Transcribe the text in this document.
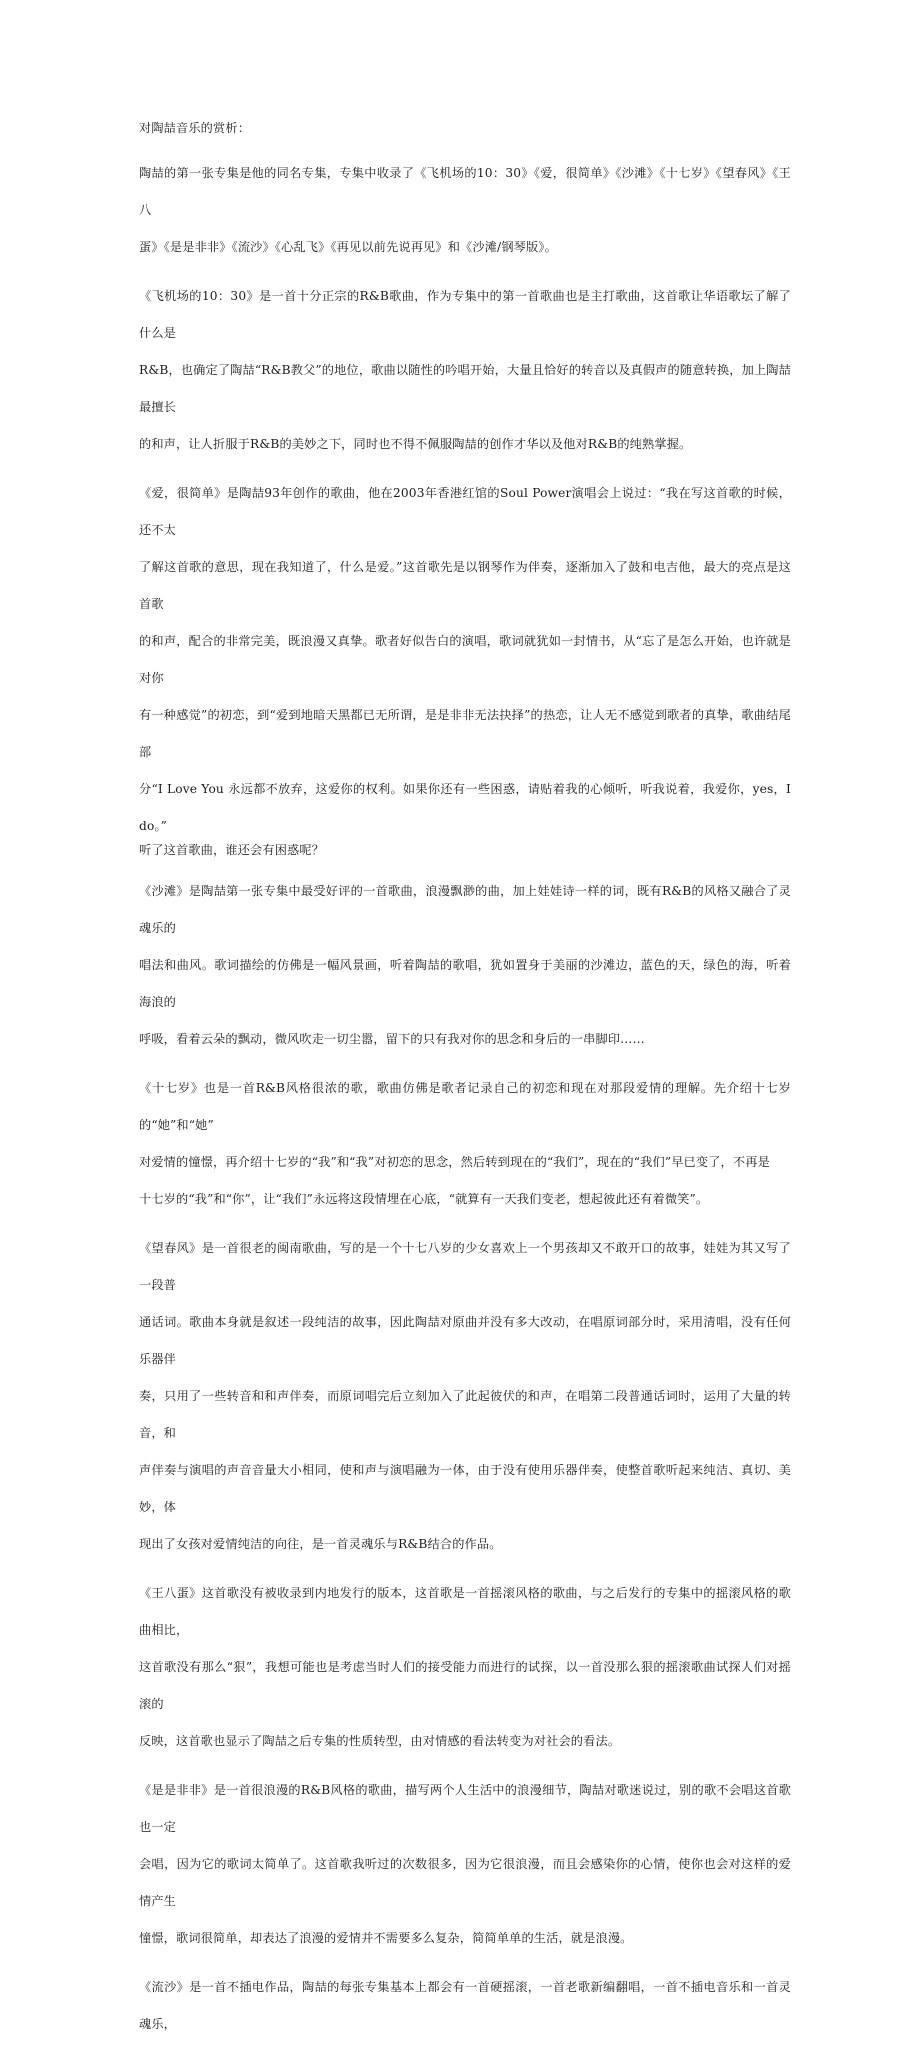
对陶喆音乐的赏析：

陶喆的第一张专集是他的同名专集，专集中收录了《飞机场的10：30》《爱，很简单》《沙滩》《十七岁》《望春风》《王八
蛋》《是是非非》《流沙》《心乱飞》《再见以前先说再见》和《沙滩/钢琴版》。

《飞机场的10：30》是一首十分正宗的R&B歌曲，作为专集中的第一首歌曲也是主打歌曲，这首歌让华语歌坛了解了什么是
R&B，也确定了陶喆“R&B教父”的地位，歌曲以随性的吟唱开始，大量且恰好的转音以及真假声的随意转换，加上陶喆最擅长
的和声，让人折服于R&B的美妙之下，同时也不得不佩服陶喆的创作才华以及他对R&B的纯熟掌握。

《爱，很简单》是陶喆93年创作的歌曲，他在2003年香港红馆的Soul Power演唱会上说过：“我在写这首歌的时候，还不太
了解这首歌的意思，现在我知道了，什么是爱。”这首歌先是以钢琴作为伴奏，逐渐加入了鼓和电吉他，最大的亮点是这首歌
的和声，配合的非常完美，既浪漫又真挚。歌者好似告白的演唱，歌词就犹如一封情书，从“忘了是怎么开始，也许就是对你
有一种感觉”的初恋，到“爱到地暗天黑都已无所谓，是是非非无法抉择”的热恋，让人无不感觉到歌者的真挚，歌曲结尾部
分“I Love You 永远都不放弃，这爱你的权利。如果你还有一些困惑，请贴着我的心倾听，听我说着，我爱你，yes，I do。”
听了这首歌曲，谁还会有困惑呢？

《沙滩》是陶喆第一张专集中最受好评的一首歌曲，浪漫飘渺的曲，加上娃娃诗一样的词，既有R&B的风格又融合了灵魂乐的
唱法和曲风。歌词描绘的仿佛是一幅风景画，听着陶喆的歌唱，犹如置身于美丽的沙滩边，蓝色的天，绿色的海，听着海浪的
呼吸，看着云朵的飘动，微风吹走一切尘嚣，留下的只有我对你的思念和身后的一串脚印……

《十七岁》也是一首R&B风格很浓的歌，歌曲仿佛是歌者记录自己的初恋和现在对那段爱情的理解。先介绍十七岁的“她”和“她”
对爱情的憧憬，再介绍十七岁的“我”和“我”对初恋的思念，然后转到现在的“我们”，现在的“我们”早已变了，不再是
十七岁的“我”和“你”，让“我们”永远将这段情埋在心底，“就算有一天我们变老，想起彼此还有着微笑”。

《望春风》是一首很老的闽南歌曲，写的是一个十七八岁的少女喜欢上一个男孩却又不敢开口的故事，娃娃为其又写了一段普
通话词。歌曲本身就是叙述一段纯洁的故事，因此陶喆对原曲并没有多大改动，在唱原词部分时，采用清唱，没有任何乐器伴
奏，只用了一些转音和和声伴奏，而原词唱完后立刻加入了此起彼伏的和声，在唱第二段普通话词时，运用了大量的转音，和
声伴奏与演唱的声音音量大小相同，使和声与演唱融为一体，由于没有使用乐器伴奏，使整首歌听起来纯洁、真切、美妙，体
现出了女孩对爱情纯洁的向往，是一首灵魂乐与R&B结合的作品。

《王八蛋》这首歌没有被收录到内地发行的版本，这首歌是一首摇滚风格的歌曲，与之后发行的专集中的摇滚风格的歌曲相比，
这首歌没有那么“狠”，我想可能也是考虑当时人们的接受能力而进行的试探，以一首没那么狠的摇滚歌曲试探人们对摇滚的
反映，这首歌也显示了陶喆之后专集的性质转型，由对情感的看法转变为对社会的看法。

《是是非非》是一首很浪漫的R&B风格的歌曲，描写两个人生活中的浪漫细节，陶喆对歌迷说过，别的歌不会唱这首歌也一定
会唱，因为它的歌词太简单了。这首歌我听过的次数很多，因为它很浪漫，而且会感染你的心情，使你也会对这样的爱情产生
憧憬，歌词很简单，却表达了浪漫的爱情并不需要多么复杂，简简单单的生活，就是浪漫。

《流沙》是一首不插电作品，陶喆的每张专集基本上都会有一首硬摇滚，一首老歌新编翻唱，一首不插电音乐和一首灵魂乐，
